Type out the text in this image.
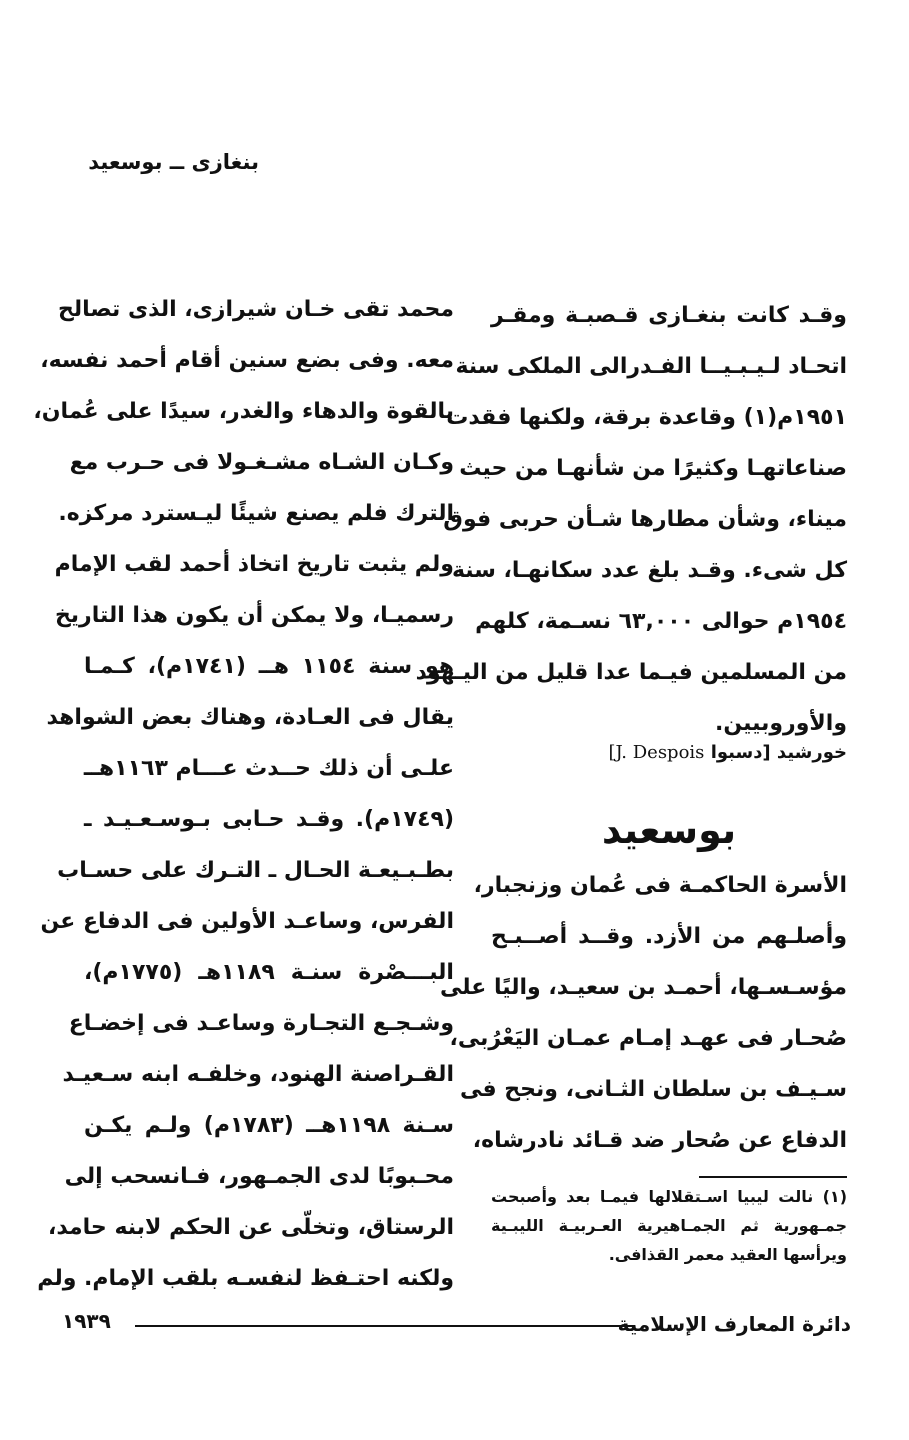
بنغازى ــ بوسعيد
وقـد كانت بنغـازى قـصبـة ومقـر
اتحـاد لـيـبـيــا الفـدرالى الملكى سنة
١٩٥١م(١) وقاعدة برقة، ولكنها فقدت
صناعاتهـا وكثيرًا من شأنهـا من حيث
ميناء، وشأن مطارها شـأن حربى فوق
كل شىء. وقـد بلغ عدد سكانهـا، سنة
١٩٥٤م حوالى ٦٣,٠٠٠ نسـمة، كلهم
من المسلمين فيـما عدا قليل من اليـهود
والأوروبيين.
خورشيد [دسبوا J. Despois]
بوسعيد
الأسرة الحاكمـة فى عُمان وزنجبار،
وأصلـهم من الأزد. وقــد أصــبـح
مؤسـسـها، أحمـد بن سعيـد، واليًا على
صُحـار فى عهـد إمـام عمـان اليَعْرُبى،
سـيـف بن سلطان الثـانى، ونجح فى
الدفاع عن صُحار ضد قـائد نادرشاه،
(١) نالت ليبيا اسـتقلالها فيمـا بعد وأصبحت
جمـهورية ثم الجمـاهيرية العـربيـة الليبـية
ويرأسها العقيد معمر القذافى.
محمد تقى خـان شيرازى، الذى تصالح
معه. وفى بضع سنين أقام أحمد نفسه،
بالقوة والدهاء والغدر، سيدًا على عُمان،
وكـان الشـاه مشـغـولا فى حـرب مع
الترك فلم يصنع شيئًا ليـسترد مركزه.
ولم يثبت تاريخ اتخاذ أحمد لقب الإمام
رسميـا، ولا يمكن أن يكون هذا التاريخ
هو سنة ١١٥٤ هــ (١٧٤١م)، كـمـا
يقال فى العـادة، وهناك بعض الشواهد
علـى أن ذلك حــدث عـــام ١١٦٣هــ
(١٧٤٩م). وقـد حـابى بـوسـعـيـد ـ
بطـبـيعـة الحـال ـ التـرك على حسـاب
الفرس، وساعـد الأولين فى الدفاع عن
البـــصْرة سنـة ١١٨٩هـ (١٧٧٥م)،
وشـجـع التجـارة وساعـد فى إخضـاع
القـراصنة الهنود، وخلفـه ابنه سـعيـد
سـنة ١١٩٨هــ (١٧٨٣م) ولـم يكـن
محـبوبًا لدى الجمـهور، فـانسحب إلى
الرستاق، وتخلّى عن الحكم لابنه حامد،
ولكنه احتـفظ لنفسـه بلقب الإمام. ولم
دائرة المعارف الإسلامية
١٩٣٩
